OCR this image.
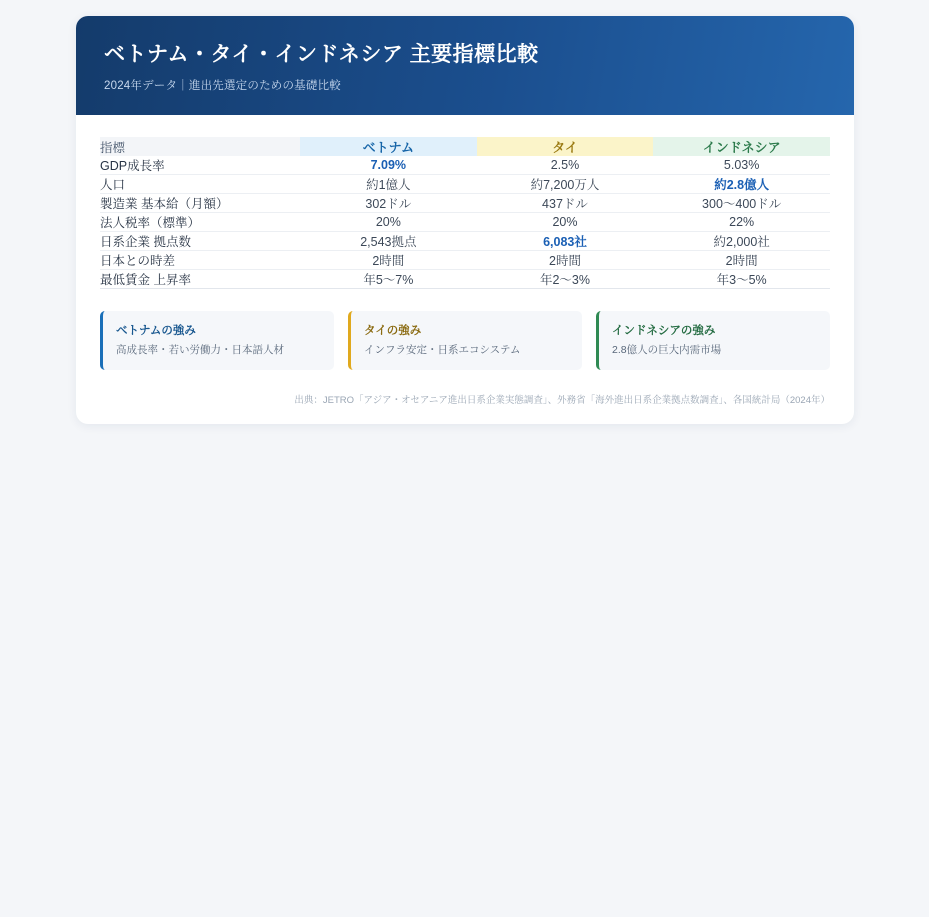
ベトナム・タイ・インドネシア 主要指標比較

2024年データ｜進出先選定のための基礎比較

指標	ベトナム	タイ	インドネシア
GDP成長率	7.09%	2.5%	5.03%
人口	約1億人	約7,200万人	約2.8億人
製造業 基本給（月額）	302ドル	437ドル	300〜400ドル
法人税率（標準）	20%	20%	22%
日系企業 拠点数	2,543拠点	6,083社	約2,000社
日本との時差	2時間	2時間	2時間
最低賃金 上昇率	年5〜7%	年2〜3%	年3〜5%
ベトナムの強み
高成長率・若い労働力・日本語人材
タイの強み
インフラ安定・日系エコシステム
インドネシアの強み
2.8億人の巨大内需市場
出典：JETRO「アジア・オセアニア進出日系企業実態調査」、外務省「海外進出日系企業拠点数調査」、各国統計局（2024年）
